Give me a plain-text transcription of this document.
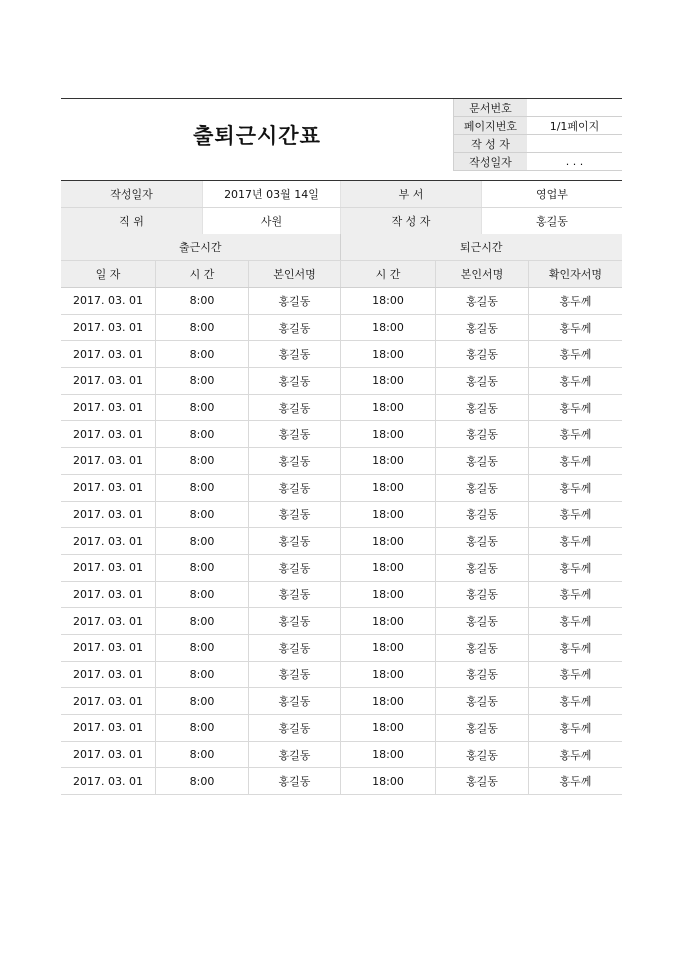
출퇴근시간표
문서번호
페이지번호	1/1페이지
작 성 자
작성일자	. . .
작성일자	2017년 03월 14일	부 서	영업부
직 위	사원	작 성 자	홍길동
출근시간	퇴근시간
일 자	시 간	본인서명	시 간	본인서명	확인자서명
2017. 03. 01	8:00	홍길동	18:00	홍길동	홍두께
2017. 03. 01	8:00	홍길동	18:00	홍길동	홍두께
2017. 03. 01	8:00	홍길동	18:00	홍길동	홍두께
2017. 03. 01	8:00	홍길동	18:00	홍길동	홍두께
2017. 03. 01	8:00	홍길동	18:00	홍길동	홍두께
2017. 03. 01	8:00	홍길동	18:00	홍길동	홍두께
2017. 03. 01	8:00	홍길동	18:00	홍길동	홍두께
2017. 03. 01	8:00	홍길동	18:00	홍길동	홍두께
2017. 03. 01	8:00	홍길동	18:00	홍길동	홍두께
2017. 03. 01	8:00	홍길동	18:00	홍길동	홍두께
2017. 03. 01	8:00	홍길동	18:00	홍길동	홍두께
2017. 03. 01	8:00	홍길동	18:00	홍길동	홍두께
2017. 03. 01	8:00	홍길동	18:00	홍길동	홍두께
2017. 03. 01	8:00	홍길동	18:00	홍길동	홍두께
2017. 03. 01	8:00	홍길동	18:00	홍길동	홍두께
2017. 03. 01	8:00	홍길동	18:00	홍길동	홍두께
2017. 03. 01	8:00	홍길동	18:00	홍길동	홍두께
2017. 03. 01	8:00	홍길동	18:00	홍길동	홍두께
2017. 03. 01	8:00	홍길동	18:00	홍길동	홍두께
